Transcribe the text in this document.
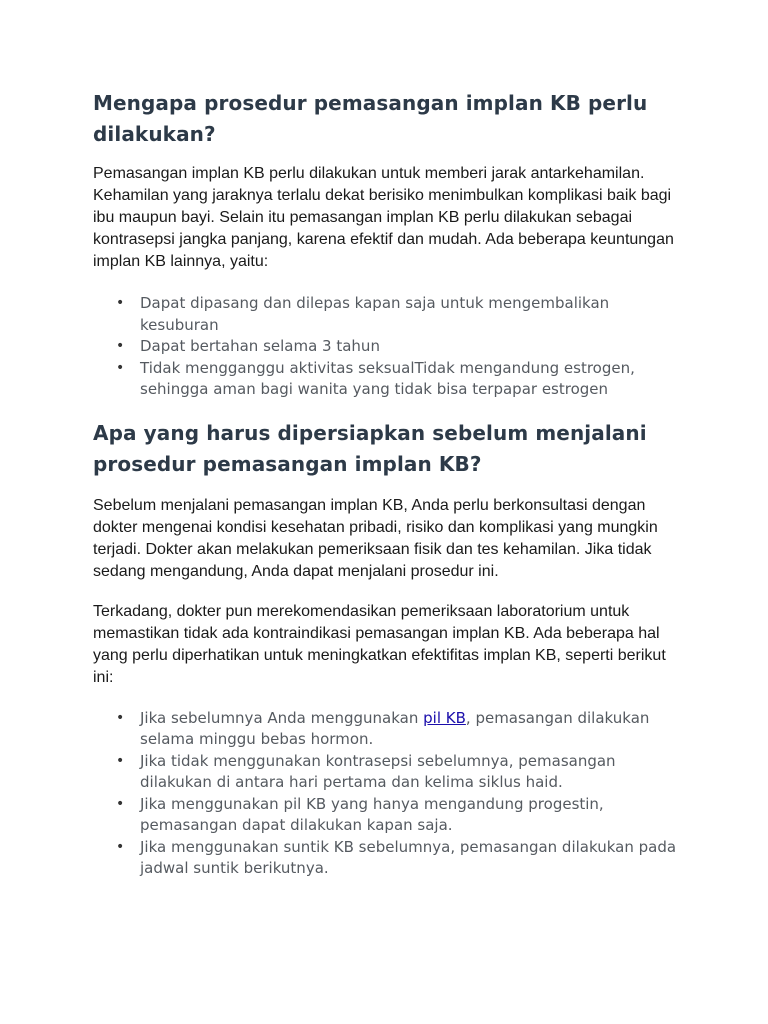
Mengapa prosedur pemasangan implan KB perlu dilakukan?

Pemasangan implan KB perlu dilakukan untuk memberi jarak antarkehamilan. Kehamilan yang jaraknya terlalu dekat berisiko menimbulkan komplikasi baik bagi ibu maupun bayi. Selain itu pemasangan implan KB perlu dilakukan sebagai kontrasepsi jangka panjang, karena efektif dan mudah. Ada beberapa keuntungan implan KB lainnya, yaitu:

• Dapat dipasang dan dilepas kapan saja untuk mengembalikan kesuburan
• Dapat bertahan selama 3 tahun
• Tidak mengganggu aktivitas seksualTidak mengandung estrogen, sehingga aman bagi wanita yang tidak bisa terpapar estrogen
Apa yang harus dipersiapkan sebelum menjalani prosedur pemasangan implan KB?

Sebelum menjalani pemasangan implan KB, Anda perlu berkonsultasi dengan dokter mengenai kondisi kesehatan pribadi, risiko dan komplikasi yang mungkin terjadi. Dokter akan melakukan pemeriksaan fisik dan tes kehamilan. Jika tidak sedang mengandung, Anda dapat menjalani prosedur ini.

Terkadang, dokter pun merekomendasikan pemeriksaan laboratorium untuk memastikan tidak ada kontraindikasi pemasangan implan KB. Ada beberapa hal yang perlu diperhatikan untuk meningkatkan efektifitas implan KB, seperti berikut ini:

• Jika sebelumnya Anda menggunakan pil KB, pemasangan dilakukan selama minggu bebas hormon.
• Jika tidak menggunakan kontrasepsi sebelumnya, pemasangan dilakukan di antara hari pertama dan kelima siklus haid.
• Jika menggunakan pil KB yang hanya mengandung progestin, pemasangan dapat dilakukan kapan saja.
• Jika menggunakan suntik KB sebelumnya, pemasangan dilakukan pada jadwal suntik berikutnya.
